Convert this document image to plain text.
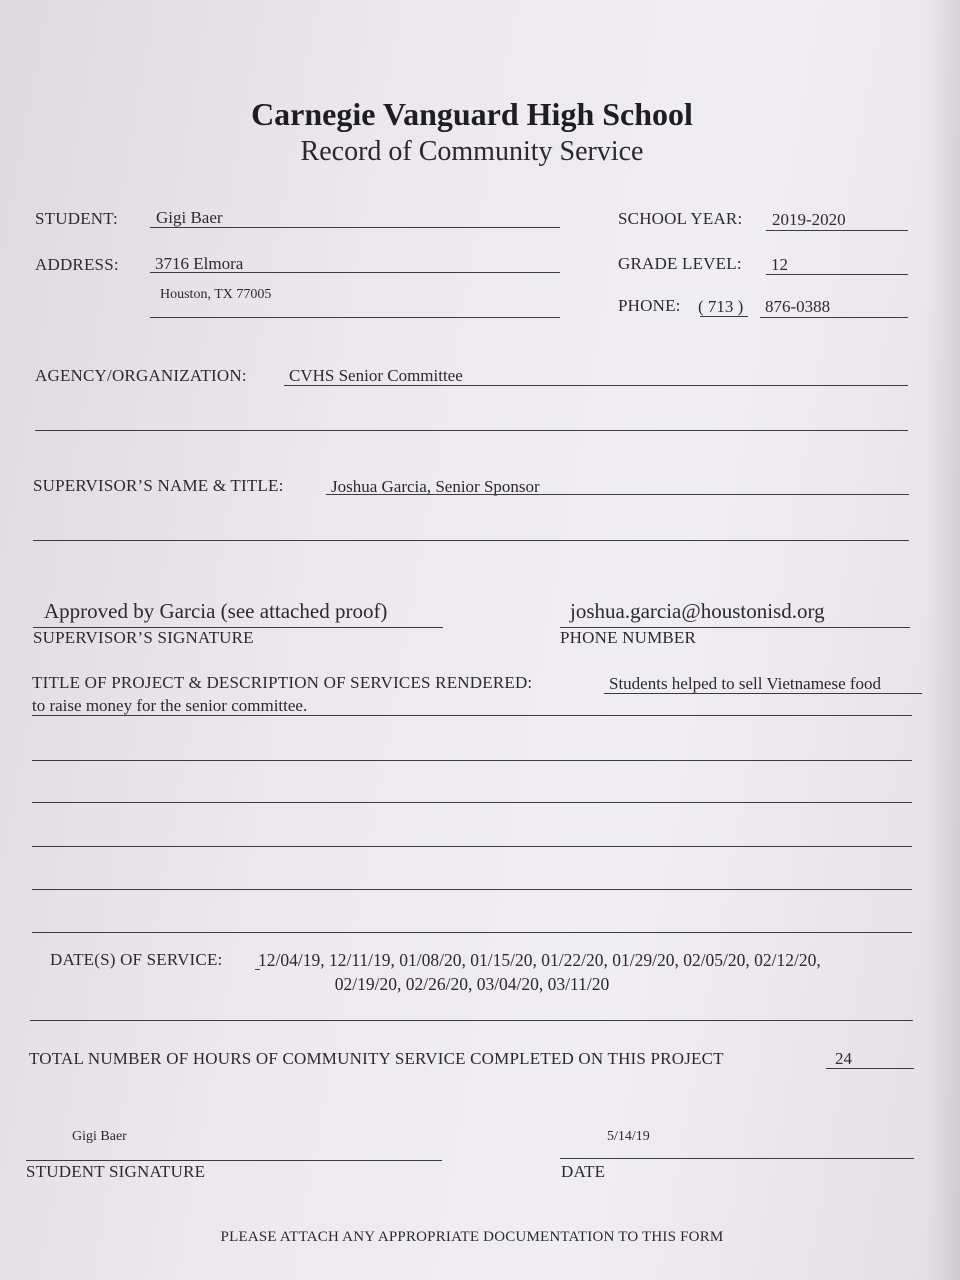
Carnegie Vanguard High School
Record of Community Service
STUDENT: Gigi Baer
ADDRESS: 3716 Elmora
Houston, TX 77005
SCHOOL YEAR: 2019-2020
GRADE LEVEL: 12
PHONE: ( 713 ) 876-0388
AGENCY/ORGANIZATION: CVHS Senior Committee
SUPERVISOR’S NAME & TITLE:	Joshua Garcia, Senior Sponsor
Approved by Garcia (see attached proof)
SUPERVISOR’S SIGNATURE
joshua.garcia@houstonisd.org
PHONE NUMBER
TITLE OF PROJECT & DESCRIPTION OF SERVICES RENDERED:	Students helped to sell Vietnamese food
to raise money for the senior committee.
DATE(S) OF SERVICE: 12/04/19, 12/11/19, 01/08/20, 01/15/20, 01/22/20, 01/29/20, 02/05/20, 02/12/20,
02/19/20, 02/26/20, 03/04/20, 03/11/20
TOTAL NUMBER OF HOURS OF COMMUNITY SERVICE COMPLETED ON THIS PROJECT	24
Gigi Baer
STUDENT SIGNATURE
5/14/19
DATE
PLEASE ATTACH ANY APPROPRIATE DOCUMENTATION TO THIS FORM
